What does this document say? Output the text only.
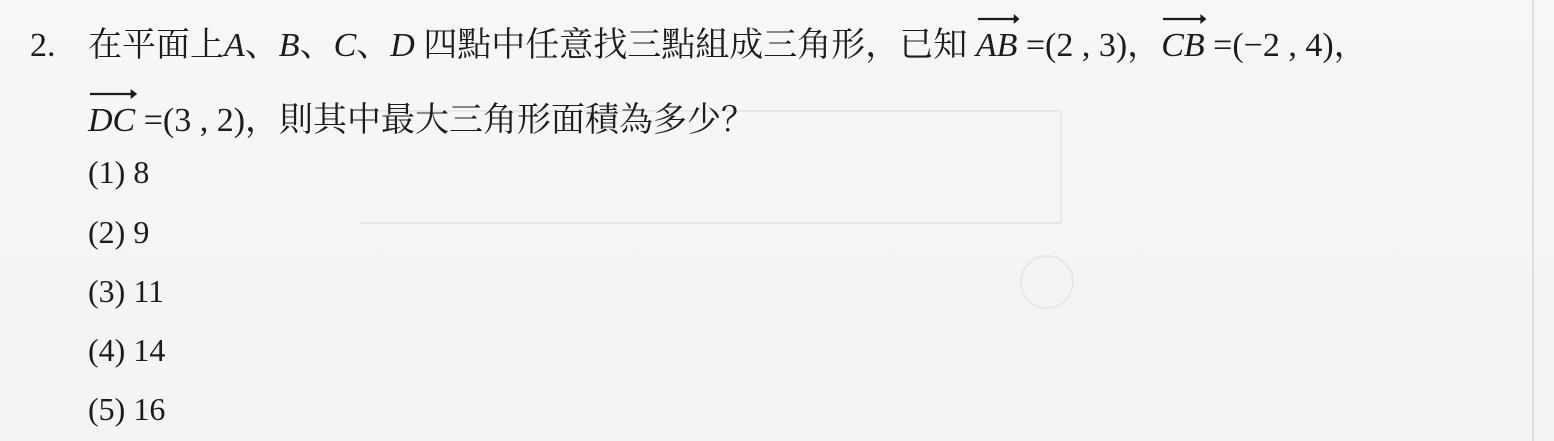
2. 在平面上A、B、C、D 四點中任意找三點組成三角形，已知
AB =(2 , 3)，
CB =(−2 , 4)，
DC =(3 , 2)，則其中最大三角形面積為多少？
(1) 8
(2) 9
(3) 11
(4) 14
(5) 16
